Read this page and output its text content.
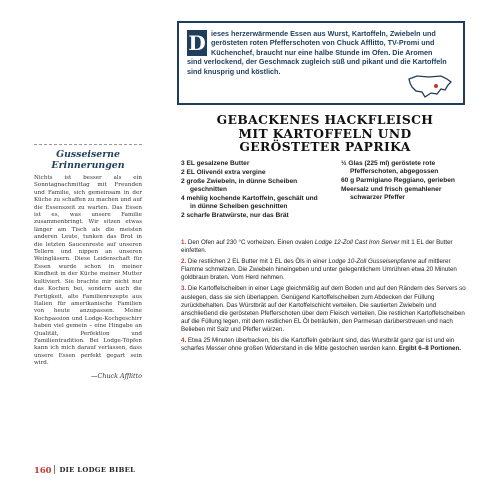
D ieses herzerwärmende Essen aus Wurst, Kartoffeln, Zwiebeln und gerösteten roten Pfefferschoten von Chuck Afflitto, TV-Promi und Küchenchef, braucht nur eine halbe Stunde im Ofen. Die Aromen sind verlockend, der Geschmack zugleich süß und pikant und die Kartoffeln sind knusprig und köstlich.
GEBACKENES HACKFLEISCH
MIT KARTOFFELN UND
GERÖSTETER PAPRIKA
Gusseiserne
Erinnerungen
Nichts ist besser als ein Sonntagnachmittag mit Freunden und Familie, sich gemeinsam in der Küche zu schaffen zu machen und auf die Essenszeit zu warten. Das Essen ist es, was unsere Familie zusammenbringt. Wir sitzen etwas länger am Tisch als die meisten anderen Leute, tunken das Brot in die letzten Saucenreste auf unseren Tellern und nippen an unseren Weingläsern. Diese Leidenschaft für Essen wurde schon in meiner Kindheit in der Küche meiner Mutter kultiviert. Sie brachte mir nicht nur das Kochen bei, sondern auch die Fertigkeit, alte Familienrezepte aus Italien für amerikanische Familien von heute anzupassen. Meine Kochpassion und Lodge-Kochgeschirr haben viel gemein – eine Hingabe an Qualität, Perfektion und Familientradition. Bei Lodge-Töpfen kann ich mich darauf verlassen, dass unsere Essen perfekt gegart sein wird.
—Chuck Afflitto
3 EL gesalzene Butter
2 EL Olivenöl extra vergine
2 große Zwiebeln, in dünne Scheiben geschnitten
4 mehlig kochende Kartoffeln, geschält und in dünne Scheiben geschnitten
2 scharfe Bratwürste, nur das Brät
½ Glas (225 ml) geröstete rote Pfefferschoten, abgegossen
60 g Parmigiano Reggiano, gerieben
Meersalz und frisch gemahlener schwarzer Pfeffer
1. Den Ofen auf 230 °C vorheizen. Einen ovalen Lodge 12-Zoll Cast Iron Server mit 1 EL der Butter einfetten.
2. Die restlichen 2 EL Butter mit 1 EL des Öls in einer Lodge 10-Zoll Gusseisenpfanne auf mittlerer Flamme schmelzen. Die Zwiebeln hineingeben und unter gelegentlichem Umrühren etwa 20 Minuten goldbraun braten. Vom Herd nehmen.
3. Die Kartoffelscheiben in einer Lage gleichmäßig auf dem Boden und auf den Rändern des Servers so auslegen, dass sie sich überlappen. Genügend Kartoffelscheiben zum Abdecken der Füllung zurückbehalten. Das Würstbrät auf der Kartoffelschicht verteilen. Die sautierten Zwiebeln und anschließend die gerösteten Pfefferschoten über dem Fleisch verteilen. Die restlichen Kartoffelscheiben auf die Füllung legen, mit dem restlichen EL Öl beträufeln, den Parmesan darüberstreuen und nach Belieben mit Salz und Pfeffer würzen.
4. Etwa 25 Minuten überbacken, bis die Kartoffeln gebräunt sind, das Wurstbrät ganz gar ist und ein scharfes Messer ohne großen Widerstand in die Mitte gestochen werden kann. Ergibt 6–8 Portionen.
160 DIE LODGE BIBEL
